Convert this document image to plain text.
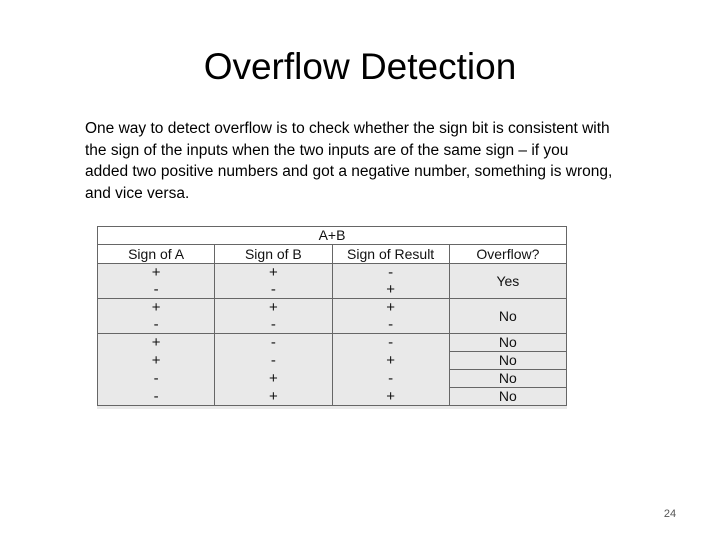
Overflow Detection
One way to detect overflow is to check whether the sign bit is consistent with the sign of the inputs when the two inputs are of the same sign – if you added two positive numbers and got a negative number, something is wrong, and vice versa.
A+B			
Sign of A	Sign of B	Sign of Result	Overflow?
+	+	-	Yes
-	-	+	
+	+	+	No
-	-	-	
+	-	-	No
+	-	+	No
-	+	-	No
-	+	+	No
24
